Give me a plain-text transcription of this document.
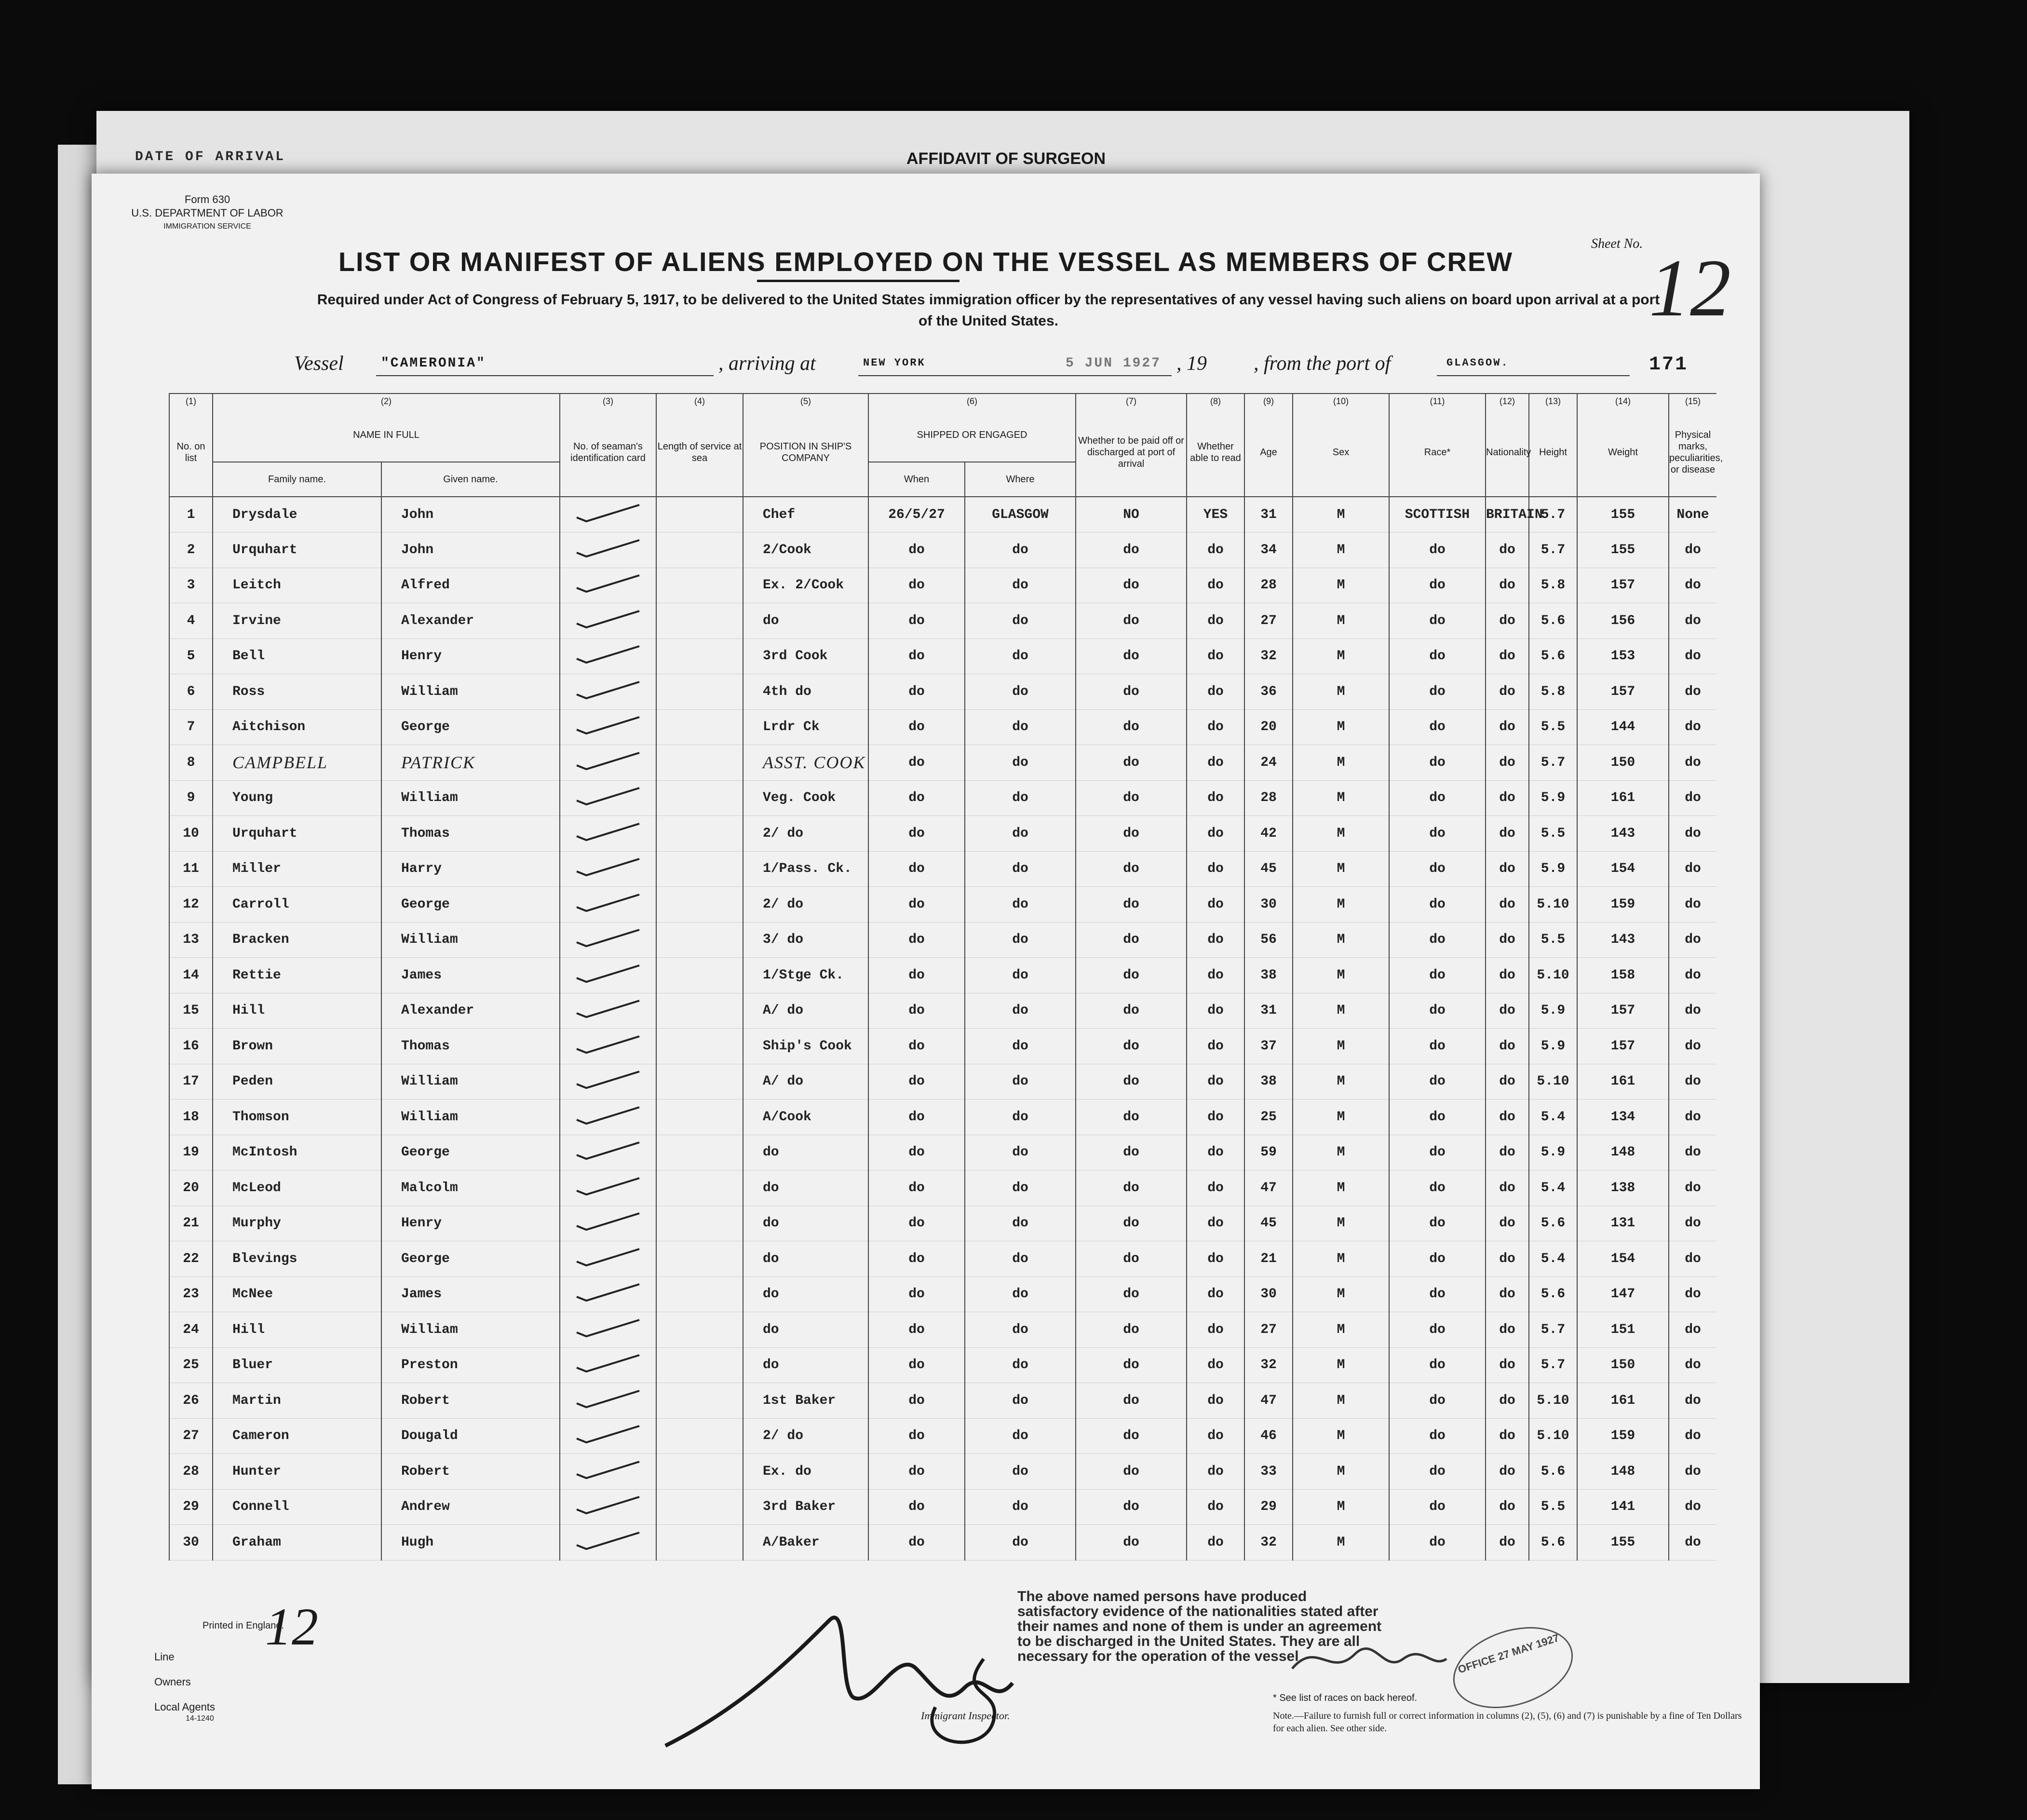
DATE OF ARRIVAL	AFFIDAVIT OF SURGEON
Form 630
U.S. DEPARTMENT OF LABOR
IMMIGRATION SERVICE
Sheet No. 12
LIST OR MANIFEST OF ALIENS EMPLOYED ON THE VESSEL AS MEMBERS OF CREW
Required under Act of Congress of February 5, 1917, to be delivered to the United States immigration officer by the representatives of any vessel having such aliens on board upon arrival at a port of the United States.
Vessel	"CAMERONIA"	, arriving at	NEW YORK	5 JUN 1927 , 19 , from the port of	GLASGOW.	171
(1)	(2)		(3)	(4)	(5)	(6)		(7)	(8)	(9)	(10)	(11)	(12)	(13)	(14)	(15)
No. on list	NAME IN FULL		No. of seaman's identification card	Length of service at sea	POSITION IN SHIP'S COMPANY	SHIPPED OR ENGAGED		Whether to be paid off or discharged at port of arrival	Whether able to read	Age	Sex	Race*	Nationality	Height	Weight	Physical marks, peculiarities, or disease
	Family name.	Given name.				When	Where									
1	Drysdale	John			Chef	26/5/27	GLASGOW	NO	YES	31	M	SCOTTISH	BRITAIN	5.7	155	None
2	Urquhart	John			2/Cook	do	do	do	do	34	M	do	do	5.7	155	do
3	Leitch	Alfred			Ex. 2/Cook	do	do	do	do	28	M	do	do	5.8	157	do
4	Irvine	Alexander			do	do	do	do	do	27	M	do	do	5.6	156	do
5	Bell	Henry			3rd Cook	do	do	do	do	32	M	do	do	5.6	153	do
6	Ross	William			4th do	do	do	do	do	36	M	do	do	5.8	157	do
7	Aitchison	George			Lrdr Ck	do	do	do	do	20	M	do	do	5.5	144	do
8	CAMPBELL	PATRICK			ASST. COOK	do	do	do	do	24	M	do	do	5.7	150	do
9	Young	William			Veg. Cook	do	do	do	do	28	M	do	do	5.9	161	do
10	Urquhart	Thomas			2/ do	do	do	do	do	42	M	do	do	5.5	143	do
11	Miller	Harry			1/Pass. Ck.	do	do	do	do	45	M	do	do	5.9	154	do
12	Carroll	George			2/ do	do	do	do	do	30	M	do	do	5.10	159	do
13	Bracken	William			3/ do	do	do	do	do	56	M	do	do	5.5	143	do
14	Rettie	James			1/Stge Ck.	do	do	do	do	38	M	do	do	5.10	158	do
15	Hill	Alexander			A/ do	do	do	do	do	31	M	do	do	5.9	157	do
16	Brown	Thomas			Ship's Cook	do	do	do	do	37	M	do	do	5.9	157	do
17	Peden	William			A/ do	do	do	do	do	38	M	do	do	5.10	161	do
18	Thomson	William			A/Cook	do	do	do	do	25	M	do	do	5.4	134	do
19	McIntosh	George			do	do	do	do	do	59	M	do	do	5.9	148	do
20	McLeod	Malcolm			do	do	do	do	do	47	M	do	do	5.4	138	do
21	Murphy	Henry			do	do	do	do	do	45	M	do	do	5.6	131	do
22	Blevings	George			do	do	do	do	do	21	M	do	do	5.4	154	do
23	McNee	James			do	do	do	do	do	30	M	do	do	5.6	147	do
24	Hill	William			do	do	do	do	do	27	M	do	do	5.7	151	do
25	Bluer	Preston			do	do	do	do	do	32	M	do	do	5.7	150	do
26	Martin	Robert			1st Baker	do	do	do	do	47	M	do	do	5.10	161	do
27	Cameron	Dougald			2/ do	do	do	do	do	46	M	do	do	5.10	159	do
28	Hunter	Robert			Ex. do	do	do	do	do	33	M	do	do	5.6	148	do
29	Connell	Andrew			3rd Baker	do	do	do	do	29	M	do	do	5.5	141	do
30	Graham	Hugh			A/Baker	do	do	do	do	32	M	do	do	5.6	155	do
12
Printed in England.
Line
Owners
Local Agents
14-1240	Immigrant Inspector.
The above named persons have produced satisfactory evidence of the nationalities stated after their names and none of them is under an agreement to be discharged in the United States. They are all necessary for the operation of the vessel	OFFICE 27 MAY 1927
* See list of races on back hereof.
Note.—Failure to furnish full or correct information in columns (2), (5), (6) and (7) is punishable by a fine of Ten Dollars for each alien. See other side.
